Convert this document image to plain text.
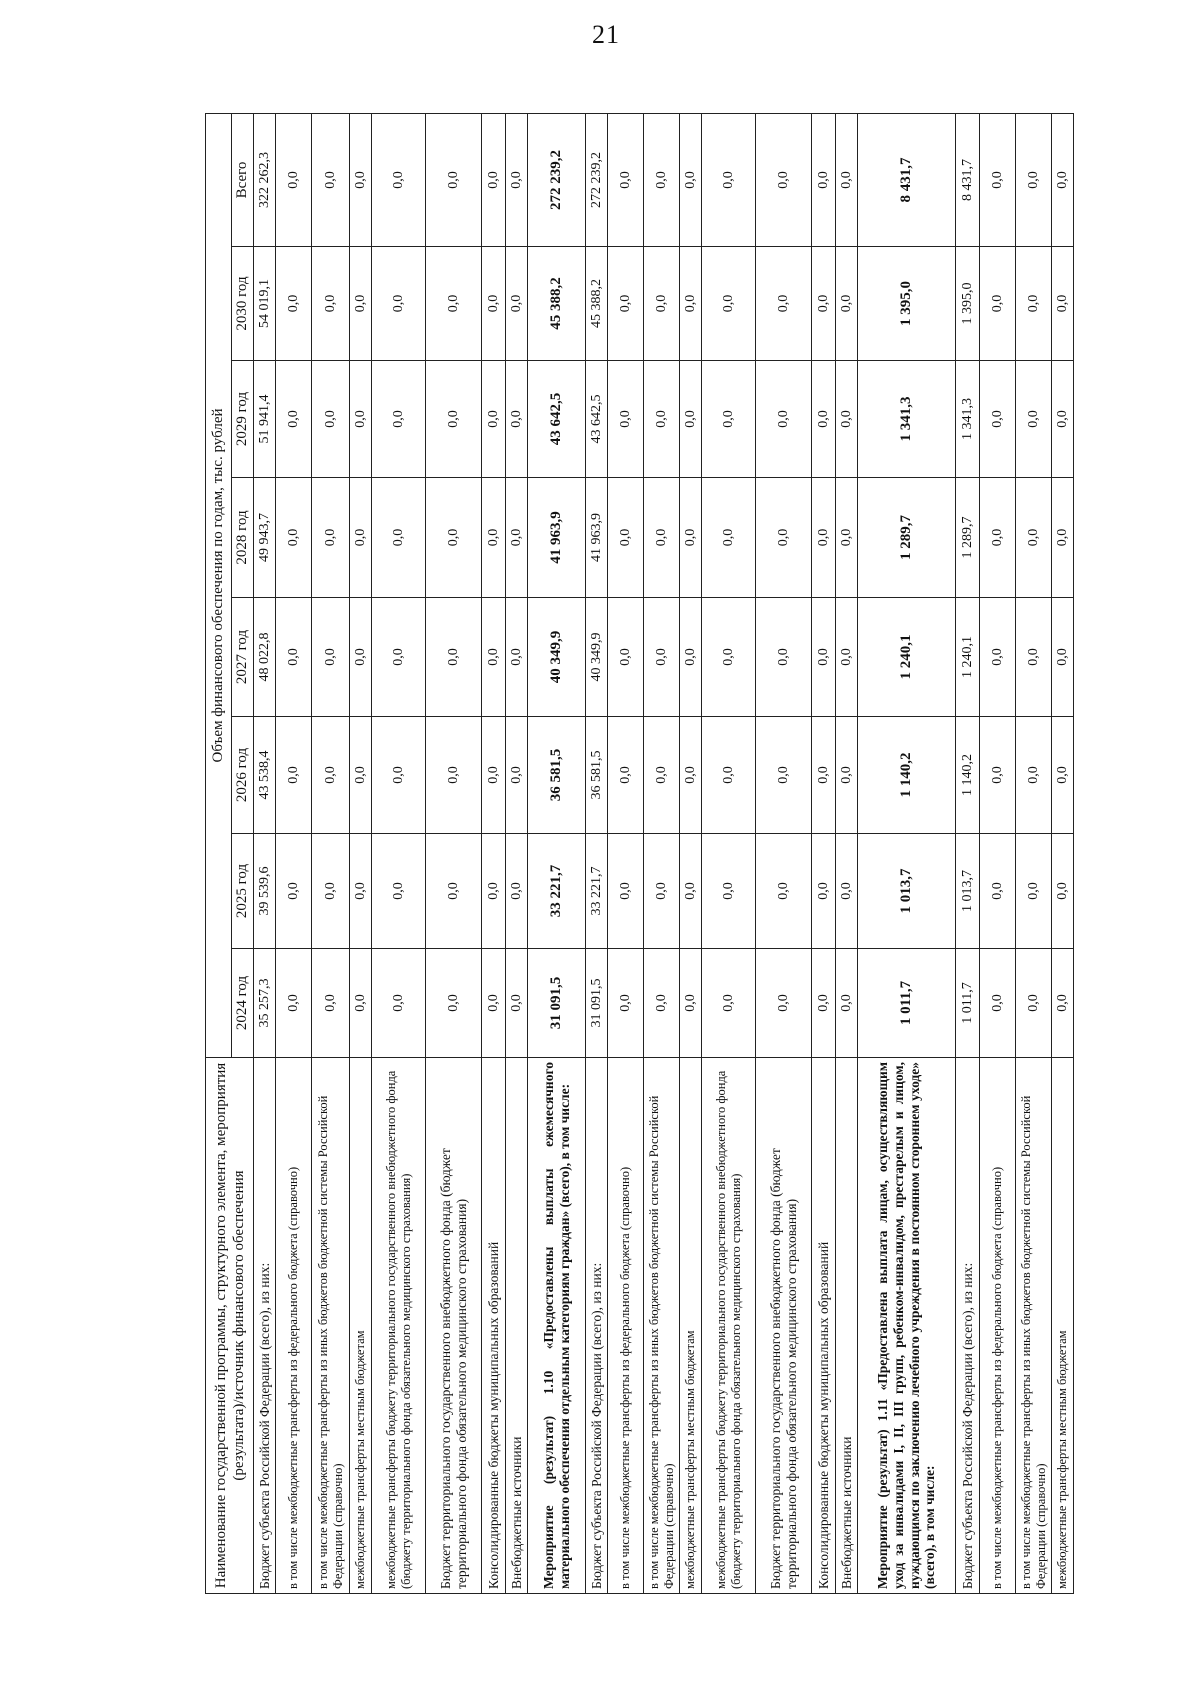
21
Наименование государственной программы, структурного элемента, мероприятия (результата)/источник финансового обеспечения	Объем финансового обеспечения по годам, тыс. рублей							
	2024 год	2025 год	2026 год	2027 год	2028 год	2029 год	2030 год	Всего
Бюджет субъекта Российской Федерации (всего), из них:	35 257,3	39 539,6	43 538,4	48 022,8	49 943,7	51 941,4	54 019,1	322 262,3
в том числе межбюджетные трансферты из федерального бюджета (справочно)	0,0	0,0	0,0	0,0	0,0	0,0	0,0	0,0
в том числе межбюджетные трансферты из иных бюджетов бюджетной системы Российской Федерации (справочно)	0,0	0,0	0,0	0,0	0,0	0,0	0,0	0,0
межбюджетные трансферты местным бюджетам	0,0	0,0	0,0	0,0	0,0	0,0	0,0	0,0
межбюджетные трансферты бюджету территориального государственного внебюджетного фонда (бюджету территориального фонда обязательного медицинского страхования)	0,0	0,0	0,0	0,0	0,0	0,0	0,0	0,0
Бюджет территориального государственного внебюджетного фонда (бюджет территориального фонда обязательного медицинского страхования)	0,0	0,0	0,0	0,0	0,0	0,0	0,0	0,0
Консолидированные бюджеты муниципальных образований	0,0	0,0	0,0	0,0	0,0	0,0	0,0	0,0
Внебюджетные источники	0,0	0,0	0,0	0,0	0,0	0,0	0,0	0,0
Мероприятие (результат) 1.10 «Предоставлены выплаты ежемесячного материального обеспечения отдельным категориям граждан» (всего), в том числе:	31 091,5	33 221,7	36 581,5	40 349,9	41 963,9	43 642,5	45 388,2	272 239,2
Бюджет субъекта Российской Федерации (всего), из них:	31 091,5	33 221,7	36 581,5	40 349,9	41 963,9	43 642,5	45 388,2	272 239,2
в том числе межбюджетные трансферты из федерального бюджета (справочно)	0,0	0,0	0,0	0,0	0,0	0,0	0,0	0,0
в том числе межбюджетные трансферты из иных бюджетов бюджетной системы Российской Федерации (справочно)	0,0	0,0	0,0	0,0	0,0	0,0	0,0	0,0
межбюджетные трансферты местным бюджетам	0,0	0,0	0,0	0,0	0,0	0,0	0,0	0,0
межбюджетные трансферты бюджету территориального государственного внебюджетного фонда (бюджету территориального фонда обязательного медицинского страхования)	0,0	0,0	0,0	0,0	0,0	0,0	0,0	0,0
Бюджет территориального государственного внебюджетного фонда (бюджет территориального фонда обязательного медицинского страхования)	0,0	0,0	0,0	0,0	0,0	0,0	0,0	0,0
Консолидированные бюджеты муниципальных образований	0,0	0,0	0,0	0,0	0,0	0,0	0,0	0,0
Внебюджетные источники	0,0	0,0	0,0	0,0	0,0	0,0	0,0	0,0
Мероприятие (результат) 1.11 «Предоставлена выплата лицам, осуществляющим уход за инвалидами I, II, III групп, ребенком-инвалидом, престарелым и лицом, нуждающимся по заключению лечебного учреждения в постоянном стороннем уходе» (всего), в том числе:	1 011,7	1 013,7	1 140,2	1 240,1	1 289,7	1 341,3	1 395,0	8 431,7
Бюджет субъекта Российской Федерации (всего), из них:	1 011,7	1 013,7	1 140,2	1 240,1	1 289,7	1 341,3	1 395,0	8 431,7
в том числе межбюджетные трансферты из федерального бюджета (справочно)	0,0	0,0	0,0	0,0	0,0	0,0	0,0	0,0
в том числе межбюджетные трансферты из иных бюджетов бюджетной системы Российской Федерации (справочно)	0,0	0,0	0,0	0,0	0,0	0,0	0,0	0,0
межбюджетные трансферты местным бюджетам	0,0	0,0	0,0	0,0	0,0	0,0	0,0	0,0
